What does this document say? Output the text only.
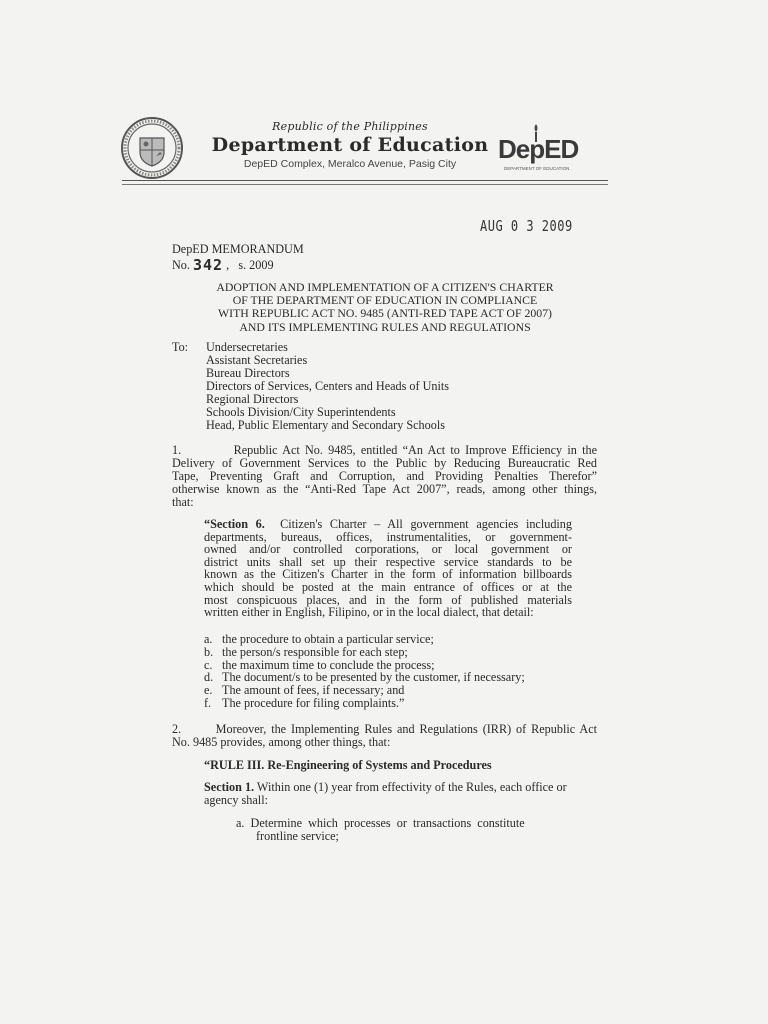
Republic of the Philippines
Department of Education
DepED Complex, Meralco Avenue, Pasig City	DepED
DEPARTMENT OF EDUCATION
AUG 0 3 2009
DepED MEMORANDUM
No. 342 ,   s. 2009
ADOPTION AND IMPLEMENTATION OF A CITIZEN'S CHARTER
OF THE DEPARTMENT OF EDUCATION IN COMPLIANCE
WITH REPUBLIC ACT NO. 9485 (ANTI-RED TAPE ACT OF 2007)
AND ITS IMPLEMENTING RULES AND REGULATIONS
To: Undersecretaries
Assistant Secretaries
Bureau Directors
Directors of Services, Centers and Heads of Units
Regional Directors
Schools Division/City Superintendents
Head, Public Elementary and Secondary Schools
1.          Republic Act No. 9485, entitled “An Act to Improve Efficiency in the
Delivery of Government Services to the Public by Reducing Bureaucratic Red
Tape, Preventing Graft and Corruption, and Providing Penalties Therefor”
otherwise known as the “Anti-Red Tape Act 2007”, reads, among other things,
that:
“Section 6.  Citizen's Charter – All government agencies including
departments, bureaus, offices, instrumentalities, or government-
owned and/or controlled corporations, or local government or
district units shall set up their respective service standards to be
known as the Citizen's Charter in the form of information billboards
which should be posted at the main entrance of offices or at the
most conspicuous places, and in the form of published materials
written either in English, Filipino, or in the local dialect, that detail:
a. the procedure to obtain a particular service;
b. the person/s responsible for each step;
c. the maximum time to conclude the process;
d. The document/s to be presented by the customer, if necessary;
e. The amount of fees, if necessary; and
f. The procedure for filing complaints.”
2.       Moreover, the Implementing Rules and Regulations (IRR) of Republic Act
No. 9485 provides, among other things, that:
“RULE III. Re-Engineering of Systems and Procedures
Section 1. Within one (1) year from effectivity of the Rules, each office or
agency shall:
a.  Determine  which  processes  or  transactions  constitute
frontline service;
